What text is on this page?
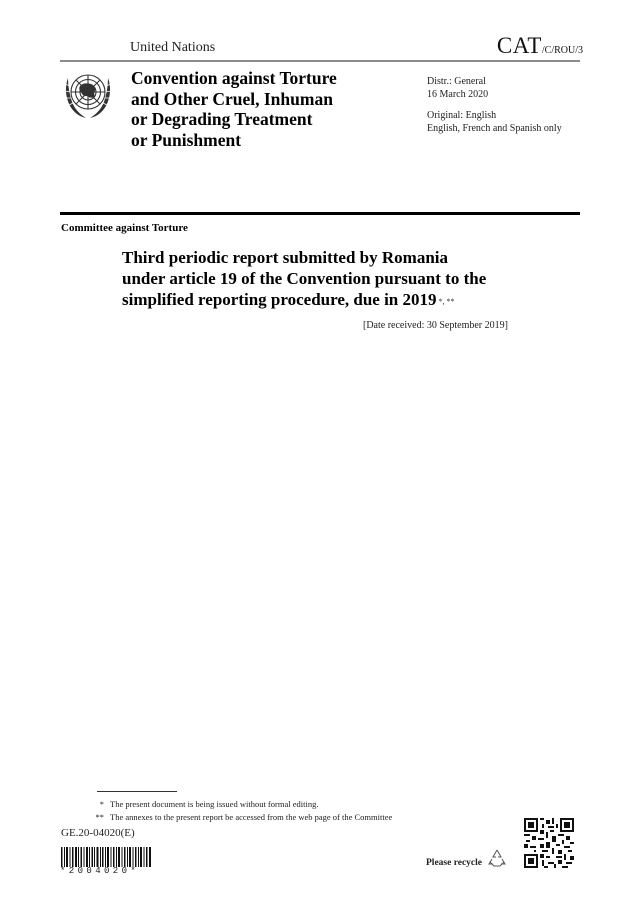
United Nations	CAT/C/ROU/3
Convention against Torture
and Other Cruel, Inhuman
or Degrading Treatment
or Punishment
Distr.: General
16 March 2020
Original: English
English, French and Spanish only
Committee against Torture
Third periodic report submitted by Romania
under article 19 of the Convention pursuant to the
simplified reporting procedure, due in 2019 *, **
[Date received: 30 September 2019]
* The present document is being issued without formal editing.
** The annexes to the present report be accessed from the web page of the Committee
GE.20-04020(E)
*2004020*
Please recycle
